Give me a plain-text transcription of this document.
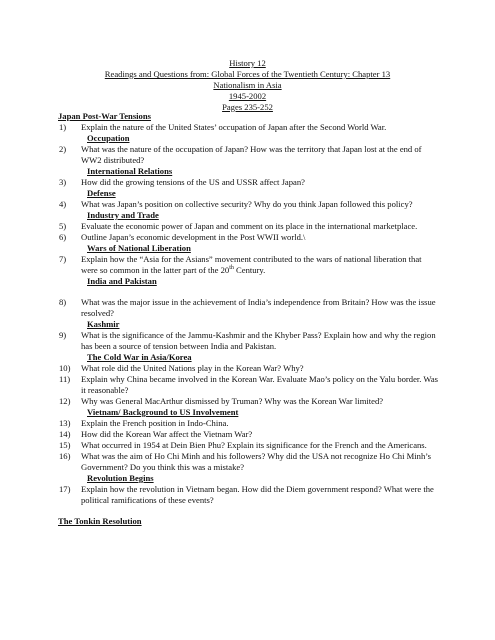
History 12
Readings and Questions from: Global Forces of the Twentieth Century: Chapter 13
Nationalism in Asia
1945-2002
Pages 235-252
Japan Post-War Tensions
1) Explain the nature of the United States’ occupation of Japan after the Second World War.
Occupation
2) What was the nature of the occupation of Japan? How was the territory that Japan lost at the end of WW2 distributed?
International Relations
3) How did the growing tensions of the US and USSR affect Japan?
Defense
4) What was Japan’s position on collective security? Why do you think Japan followed this policy?
Industry and Trade
5) Evaluate the economic power of Japan and comment on its place in the international marketplace.
6) Outline Japan’s economic development in the Post WWII world.\
Wars of National Liberation
7) Explain how the “Asia for the Asians” movement contributed to the wars of national liberation that were so common in the latter part of the 20th Century.
India and Pakistan
8) What was the major issue in the achievement of India’s independence from Britain? How was the issue resolved?
Kashmir
9) What is the significance of the Jammu-Kashmir and the Khyber Pass? Explain how and why the region has been a source of tension between India and Pakistan.
The Cold War in Asia/Korea
10) What role did the United Nations play in the Korean War? Why?
11) Explain why China became involved in the Korean War. Evaluate Mao’s policy on the Yalu border. Was it reasonable?
12) Why was General MacArthur dismissed by Truman? Why was the Korean War limited?
Vietnam/ Background to US Involvement
13) Explain the French position in Indo-China.
14) How did the Korean War affect the Vietnam War?
15) What occurred in 1954 at Dein Bien Phu? Explain its significance for the French and the Americans.
16) What was the aim of Ho Chi Minh and his followers? Why did the USA not recognize Ho Chi Minh’s Government? Do you think this was a mistake?
Revolution Begins
17) Explain how the revolution in Vietnam began. How did the Diem government respond? What were the political ramifications of these events?
The Tonkin Resolution
